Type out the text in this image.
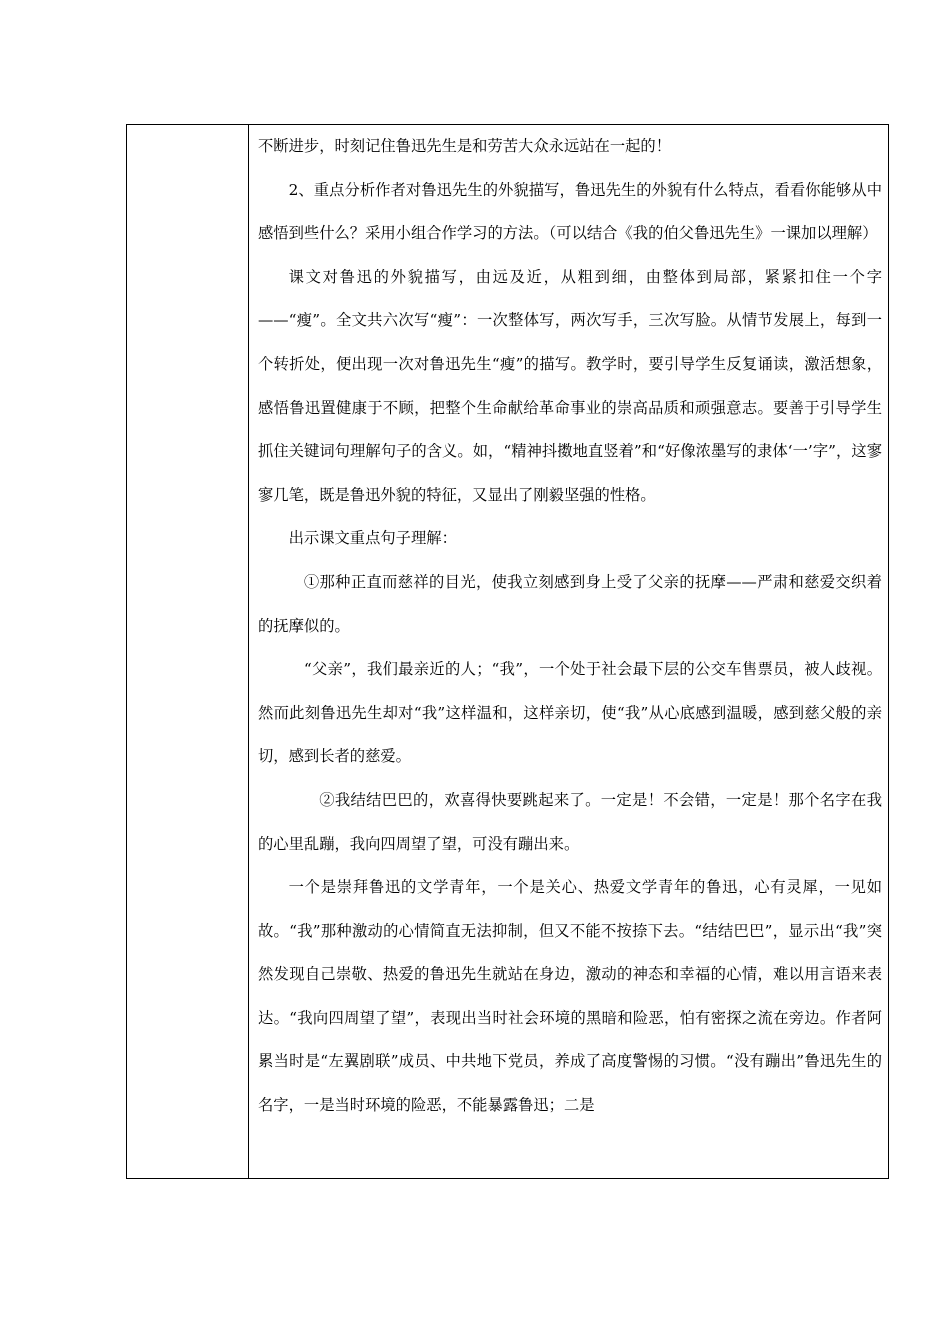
不断进步，时刻记住鲁迅先生是和劳苦大众永远站在一起的！

2、重点分析作者对鲁迅先生的外貌描写，鲁迅先生的外貌有什么特点，看看你能够从中感悟到些什么？采用小组合作学习的方法。（可以结合《我的伯父鲁迅先生》一课加以理解）

课文对鲁迅的外貌描写，由远及近，从粗到细，由整体到局部，紧紧扣住一个字——“瘦”。全文共六次写“瘦”：一次整体写，两次写手，三次写脸。从情节发展上，每到一个转折处，便出现一次对鲁迅先生“瘦”的描写。教学时，要引导学生反复诵读，激活想象，感悟鲁迅置健康于不顾，把整个生命献给革命事业的崇高品质和顽强意志。要善于引导学生抓住关键词句理解句子的含义。如，“精神抖擞地直竖着”和“好像浓墨写的隶体‘一’字”，这寥寥几笔，既是鲁迅外貌的特征，又显出了刚毅坚强的性格。

出示课文重点句子理解：

①那种正直而慈祥的目光，使我立刻感到身上受了父亲的抚摩——严肃和慈爱交织着的抚摩似的。

“父亲”，我们最亲近的人；“我”，一个处于社会最下层的公交车售票员，被人歧视。然而此刻鲁迅先生却对“我”这样温和，这样亲切，使“我”从心底感到温暖，感到慈父般的亲切，感到长者的慈爱。

②我结结巴巴的，欢喜得快要跳起来了。一定是！不会错，一定是！那个名字在我的心里乱蹦，我向四周望了望，可没有蹦出来。

一个是崇拜鲁迅的文学青年，一个是关心、热爱文学青年的鲁迅，心有灵犀，一见如故。“我”那种激动的心情简直无法抑制，但又不能不按捺下去。“结结巴巴”，显示出“我”突然发现自己崇敬、热爱的鲁迅先生就站在身边，激动的神态和幸福的心情，难以用言语来表达。“我向四周望了望”，表现出当时社会环境的黑暗和险恶，怕有密探之流在旁边。作者阿累当时是“左翼剧联”成员、中共地下党员，养成了高度警惕的习惯。“没有蹦出”鲁迅先生的名字，一是当时环境的险恶，不能暴露鲁迅；二是
